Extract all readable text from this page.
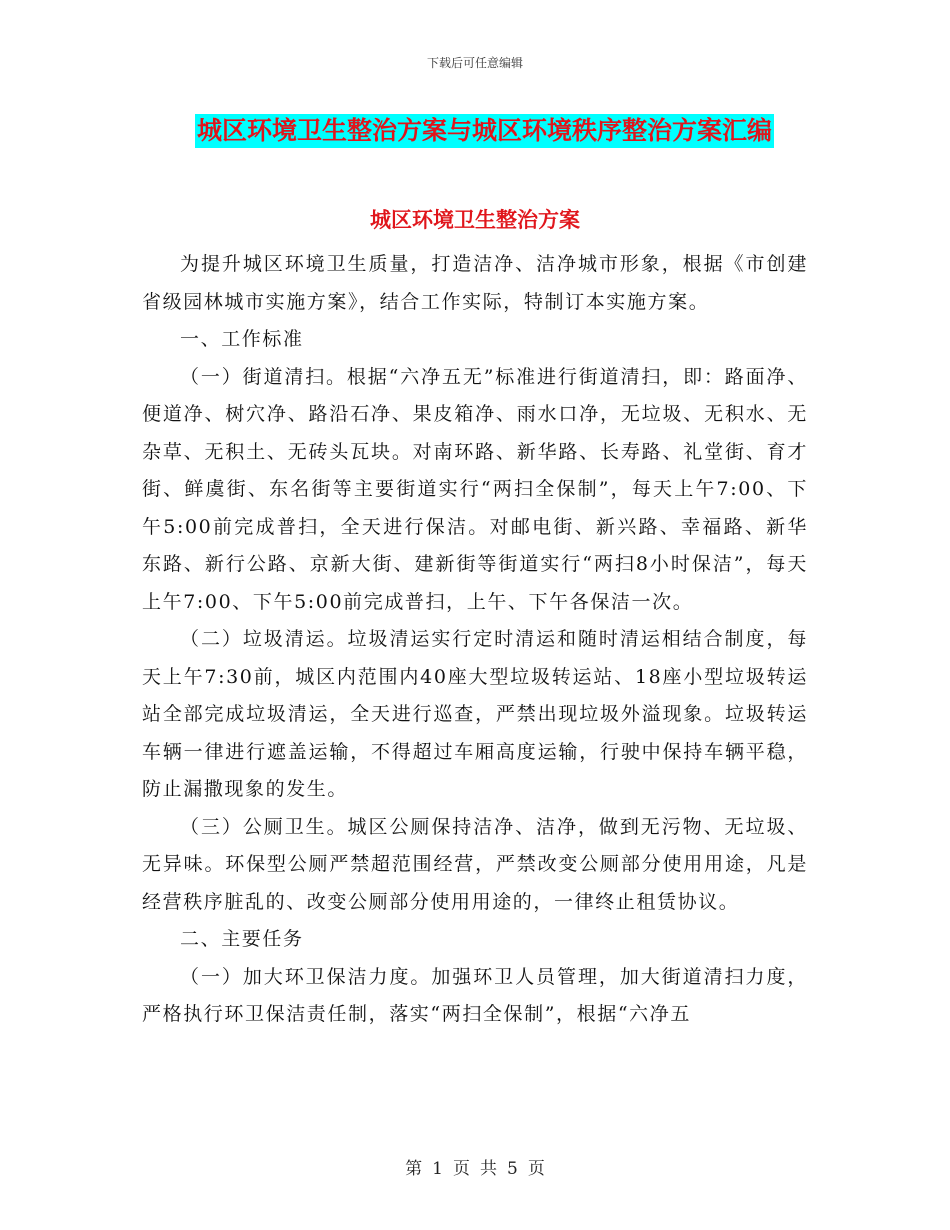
下载后可任意编辑
城区环境卫生整治方案与城区环境秩序整治方案汇编
城区环境卫生整治方案

为提升城区环境卫生质量，打造洁净、洁净城市形象，根据《市创建省级园林城市实施方案》，结合工作实际，特制订本实施方案。

一、工作标准

（一）街道清扫。根据“六净五无”标准进行街道清扫，即：路面净、便道净、树穴净、路沿石净、果皮箱净、雨水口净，无垃圾、无积水、无杂草、无积土、无砖头瓦块。对南环路、新华路、长寿路、礼堂街、育才街、鲜虞街、东名街等主要街道实行“两扫全保制”，每天上午7:00、下午5:00前完成普扫，全天进行保洁。对邮电街、新兴路、幸福路、新华东路、新行公路、京新大街、建新街等街道实行“两扫8小时保洁”，每天上午7:00、下午5:00前完成普扫，上午、下午各保洁一次。

（二）垃圾清运。垃圾清运实行定时清运和随时清运相结合制度，每天上午7:30前，城区内范围内40座大型垃圾转运站、18座小型垃圾转运站全部完成垃圾清运，全天进行巡查，严禁出现垃圾外溢现象。垃圾转运车辆一律进行遮盖运输，不得超过车厢高度运输，行驶中保持车辆平稳，防止漏撒现象的发生。

（三）公厕卫生。城区公厕保持洁净、洁净，做到无污物、无垃圾、无异味。环保型公厕严禁超范围经营，严禁改变公厕部分使用用途，凡是经营秩序脏乱的、改变公厕部分使用用途的，一律终止租赁协议。

二、主要任务

（一）加大环卫保洁力度。加强环卫人员管理，加大街道清扫力度，严格执行环卫保洁责任制，落实“两扫全保制”，根据“六净五

第 1 页 共 5 页
